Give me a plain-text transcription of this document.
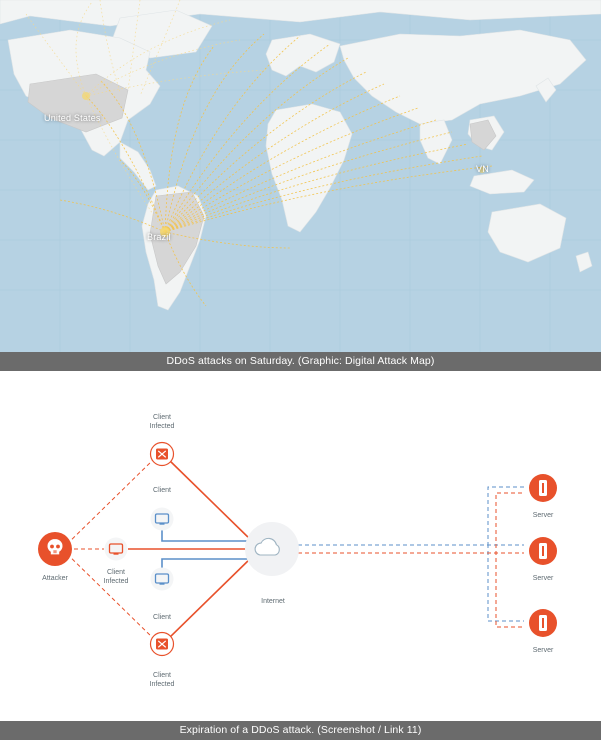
United States
Brazil
VN
DDoS attacks on Saturday. (Graphic: Digital Attack Map)
Client
Infected
Client
Attacker
Client
Infected
Client
Client
Infected
Internet
Server
Server
Server
Expiration of a DDoS attack. (Screenshot / Link 11)
